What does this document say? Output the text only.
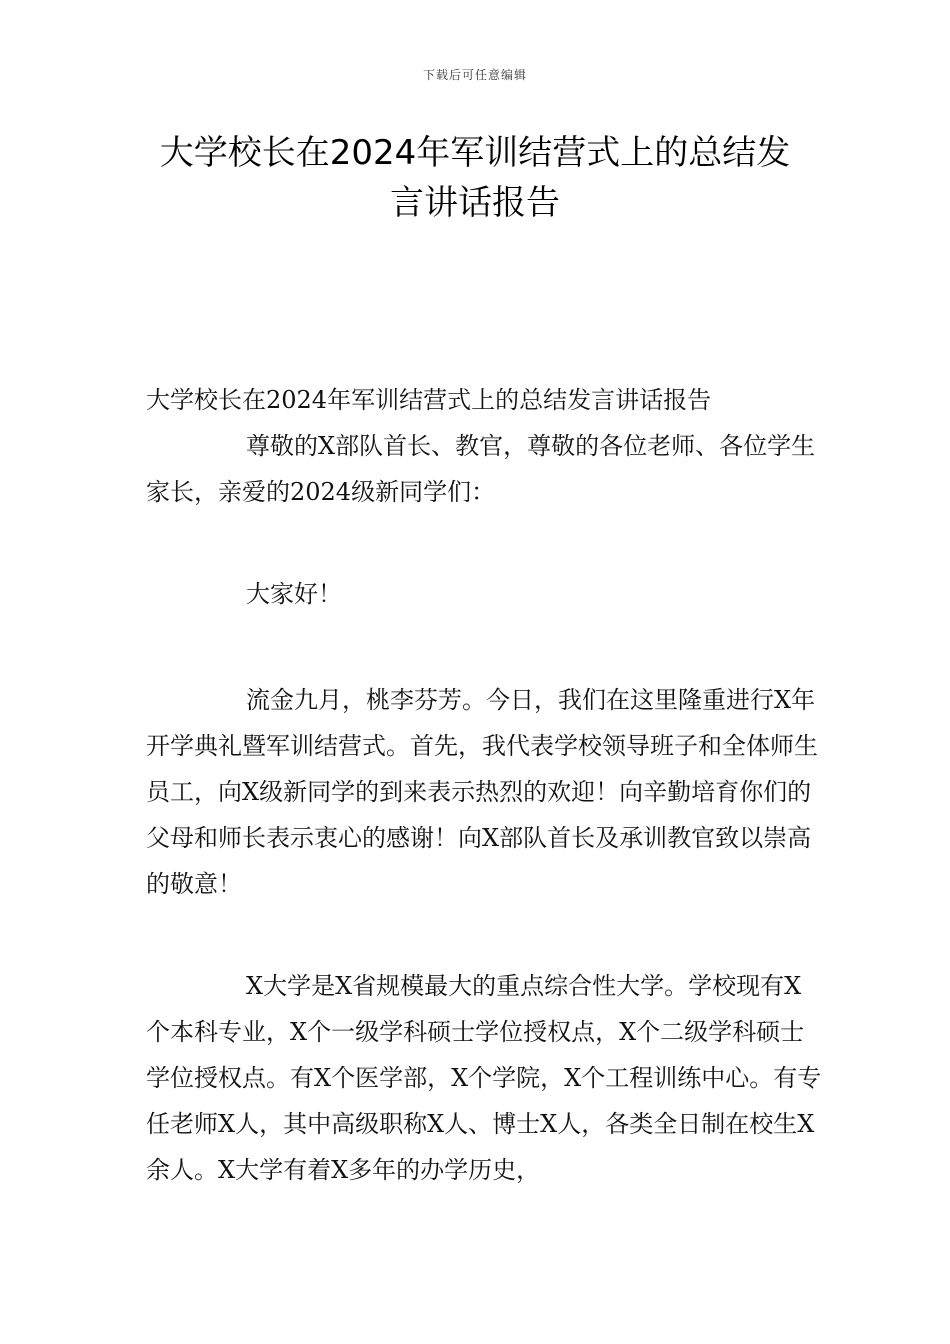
下载后可任意编辑
大学校长在2024年军训结营式上的总结发
言讲话报告

大学校长在2024年军训结营式上的总结发言讲话报告

尊敬的X部队首长、教官，尊敬的各位老师、各位学生家长，亲爱的2024级新同学们：

大家好！

流金九月，桃李芬芳。今日，我们在这里隆重进行X年开学典礼暨军训结营式。首先，我代表学校领导班子和全体师生员工，向X级新同学的到来表示热烈的欢迎！向辛勤培育你们的父母和师长表示衷心的感谢！向X部队首长及承训教官致以崇高的敬意！

X大学是X省规模最大的重点综合性大学。学校现有X个本科专业，X个一级学科硕士学位授权点，X个二级学科硕士学位授权点。有X个医学部，X个学院，X个工程训练中心。有专任老师X人，其中高级职称X人、博士X人，各类全日制在校生X余人。X大学有着X多年的办学历史，
